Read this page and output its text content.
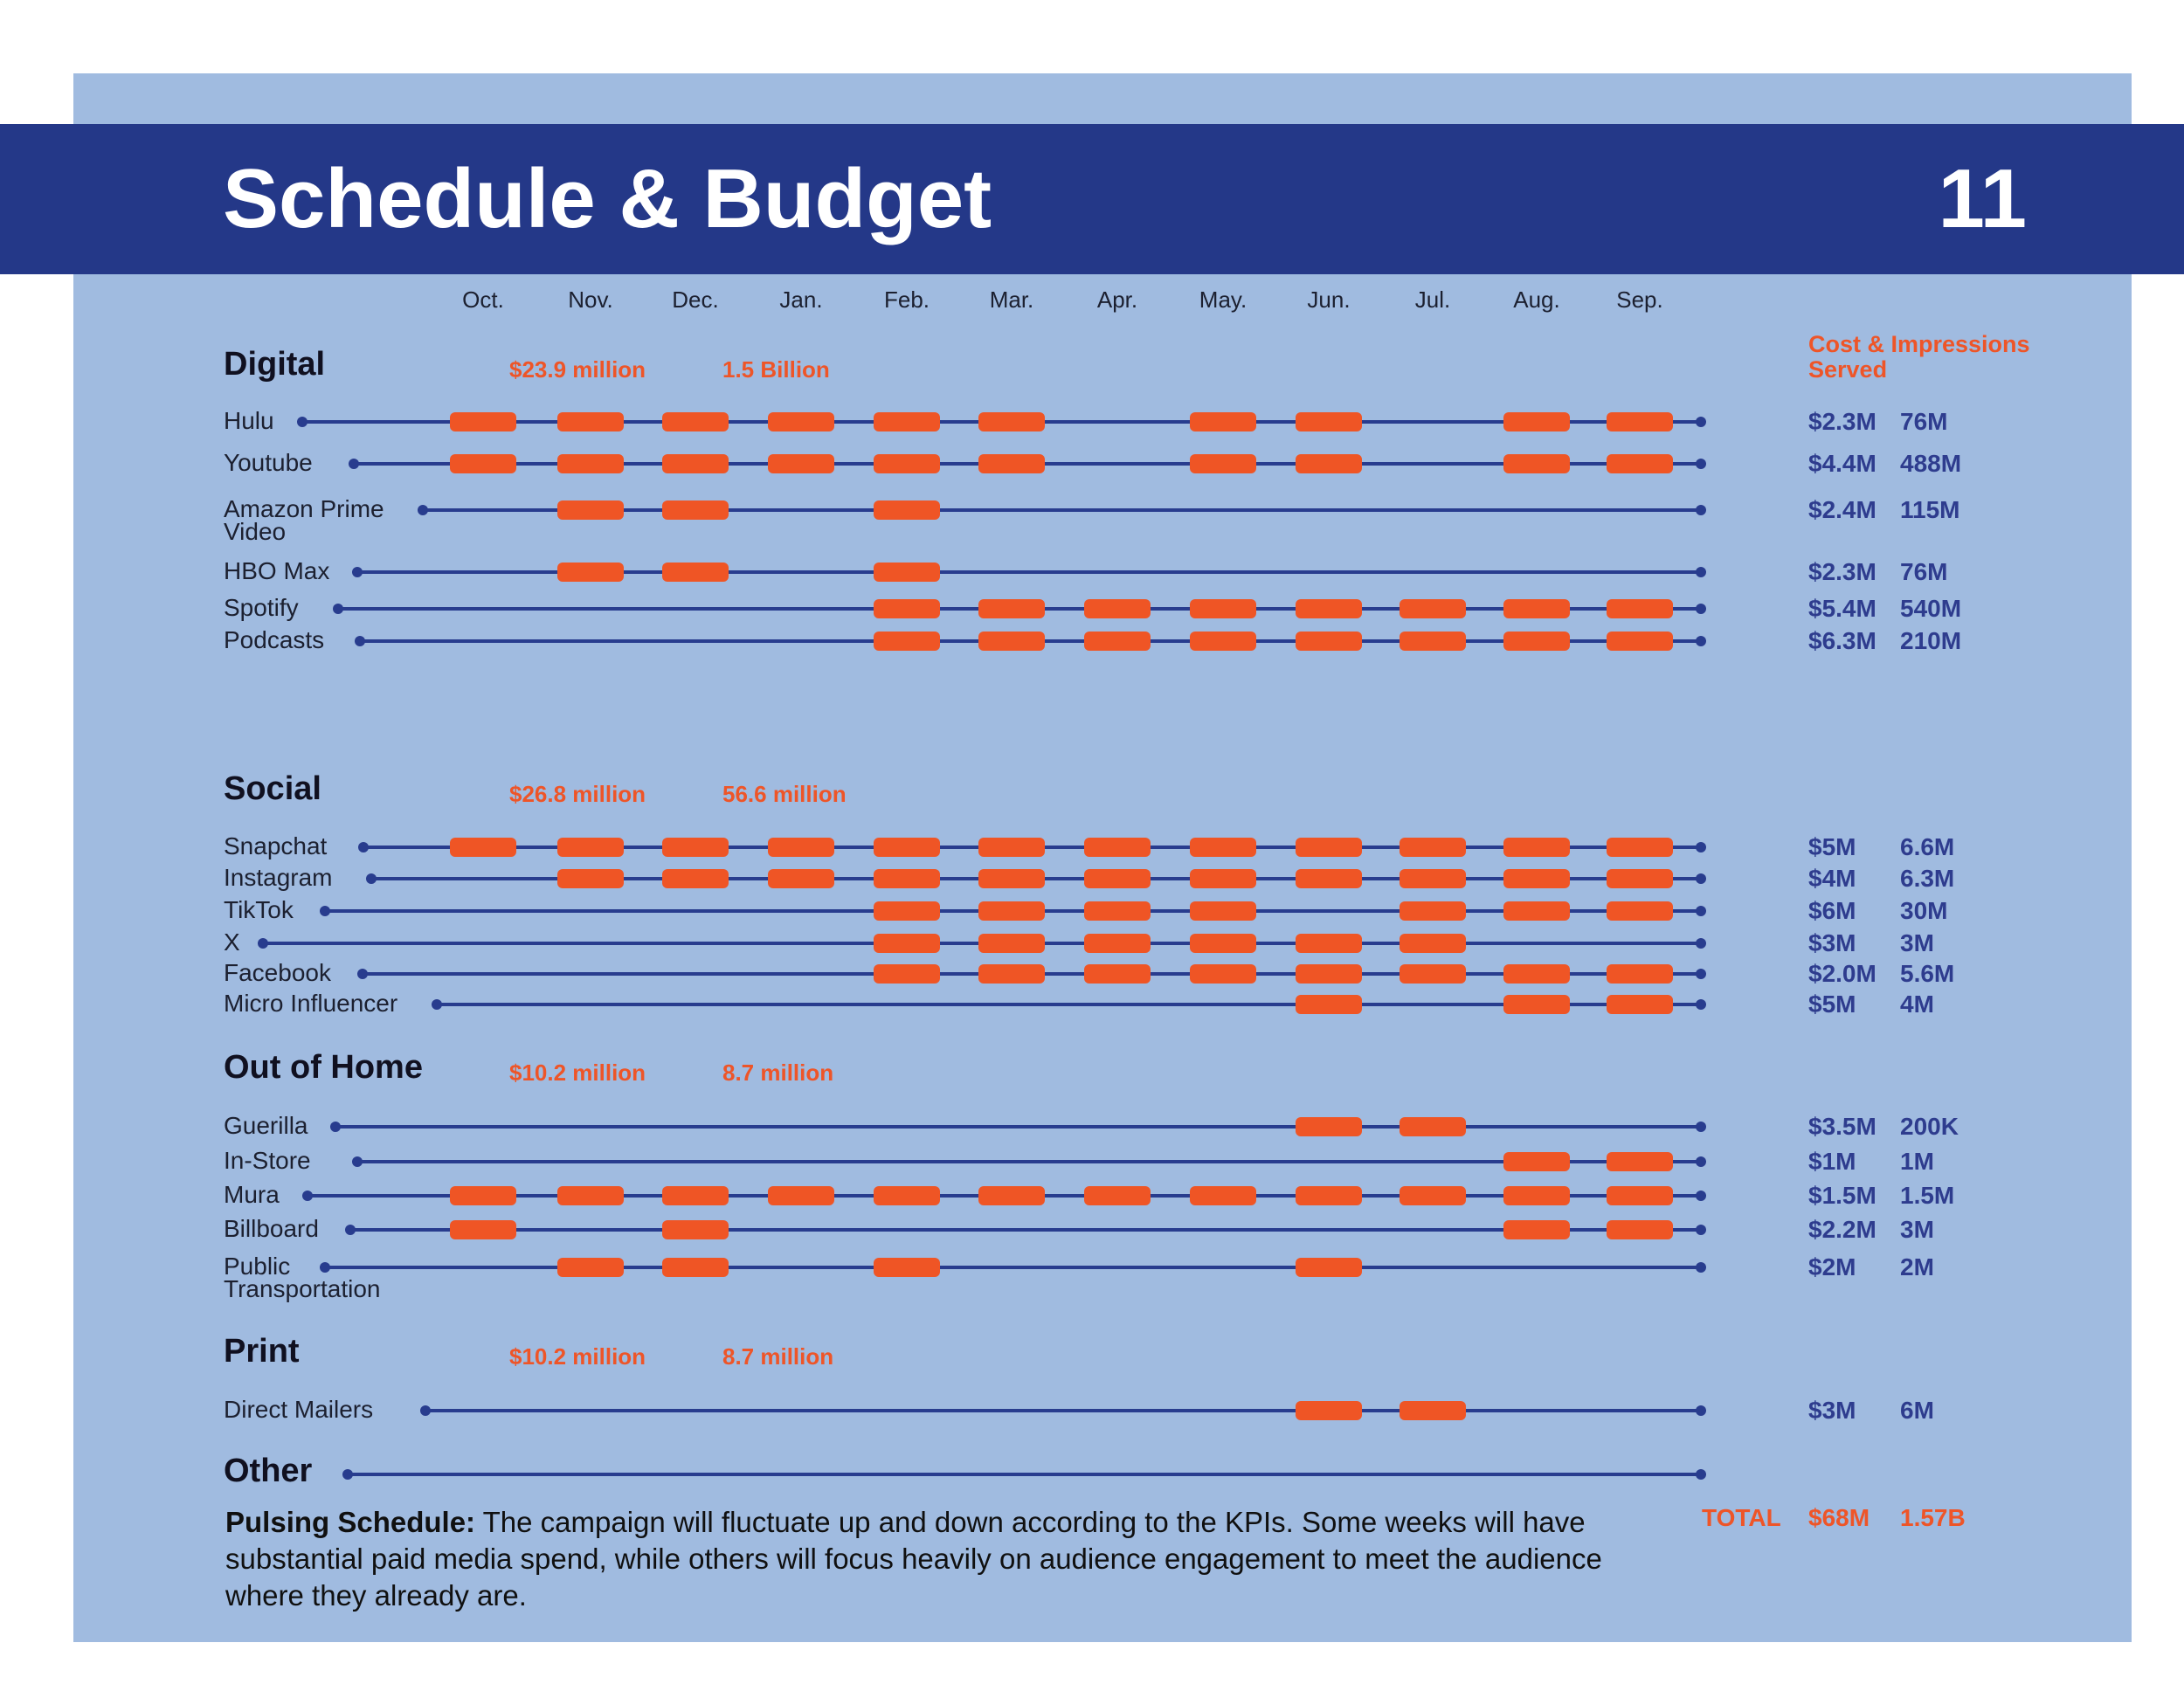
Schedule & Budget	11
Cost & Impressions Served
Oct.	Nov.	Dec.	Jan.	Feb.	Mar.	Apr.	May.	Jun.	Jul.	Aug.	Sep.
Digital	$23.9 million	1.5 Billion
Hulu	$2.3M 76M
Youtube	$4.4M 488M
Amazon Prime Video
$2.4M 115M
HBO Max	$2.3M 76M
Spotify	$5.4M 540M
Podcasts	$6.3M 210M
Social	$26.8 million	56.6 million
Snapchat	$5M 6.6M
Instagram	$4M 6.3M
TikTok	$6M 30M
X	$3M 3M
Facebook	$2.0M 5.6M
Micro Influencer	$5M 4M
Out of Home	$10.2 million	8.7 million
Guerilla	$3.5M 200K
In-Store	$1M 1M
Mura	$1.5M 1.5M
Billboard	$2.2M 3M
Public Transportation
$2M 2M
Print	$10.2 million	8.7 million
Direct Mailers	$3M 6M
Other
TOTAL $68M 1.57B

Pulsing Schedule: The campaign will fluctuate up and down according to the KPIs. Some weeks will have substantial paid media spend, while others will focus heavily on audience engagement to meet the audience where they already are.
